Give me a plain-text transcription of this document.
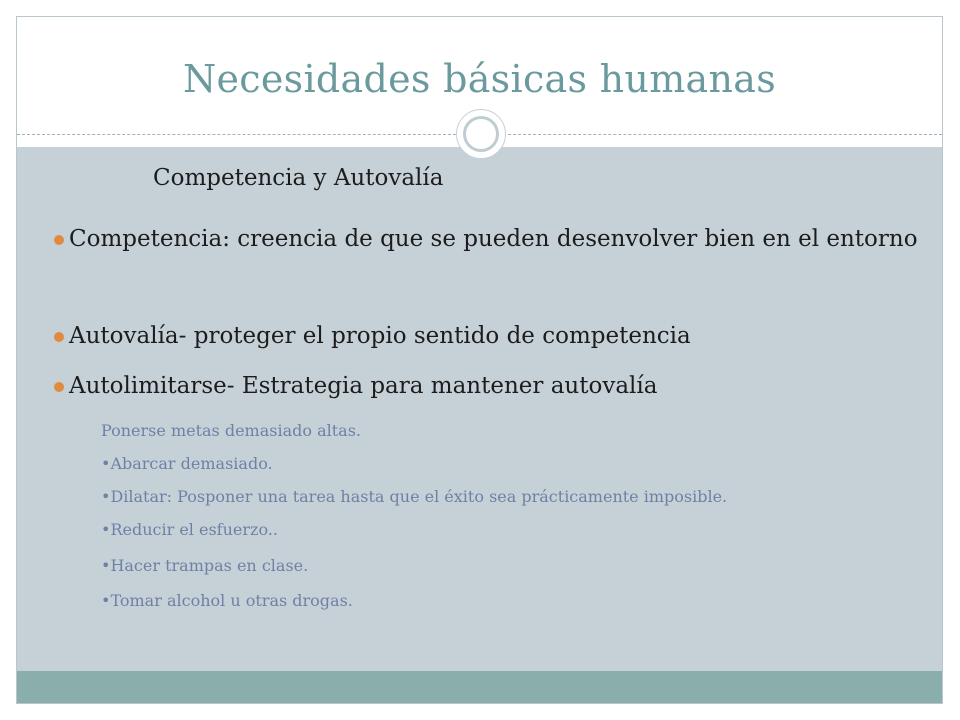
Necesidades básicas humanas
Competencia y Autovalía
Competencia: creencia de que se pueden desenvolver bien en el entorno
Autovalía- proteger el propio sentido de competencia
Autolimitarse- Estrategia para mantener autovalía
Ponerse metas demasiado altas.
•Abarcar demasiado.
•Dilatar: Posponer una tarea hasta que el éxito sea prácticamente imposible.
•Reducir el esfuerzo..
•Hacer trampas en clase.
•Tomar alcohol u otras drogas.
